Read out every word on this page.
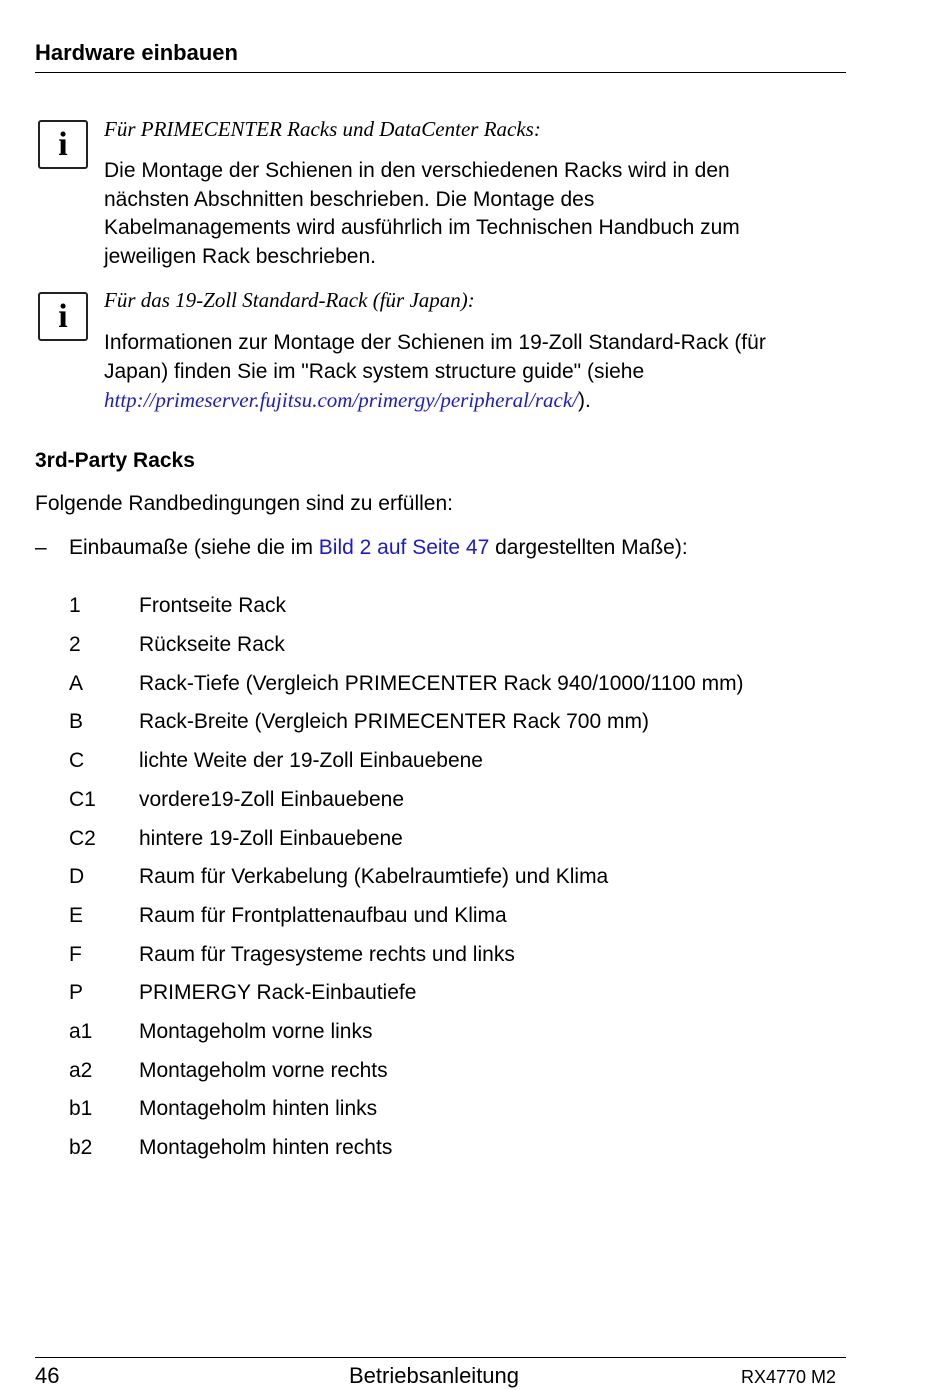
Hardware einbauen
i	Für PRIMECENTER Racks und DataCenter Racks:
Die Montage der Schienen in den verschiedenen Racks wird in den
nächsten Abschnitten beschrieben. Die Montage des
Kabelmanagements wird ausführlich im Technischen Handbuch zum
jeweiligen Rack beschrieben.
i	Für das 19-Zoll Standard-Rack (für Japan):
Informationen zur Montage der Schienen im 19-Zoll Standard-Rack (für
Japan) finden Sie im "Rack system structure guide" (siehe
http://primeserver.fujitsu.com/primergy/peripheral/rack/).
3rd-Party Racks
Folgende Randbedingungen sind zu erfüllen:
– Einbaumaße (siehe die im Bild 2 auf Seite 47 dargestellten Maße):
1	Frontseite Rack
2	Rückseite Rack
A	Rack-Tiefe (Vergleich PRIMECENTER Rack 940/1000/1100 mm)
B	Rack-Breite (Vergleich PRIMECENTER Rack 700 mm)
C	lichte Weite der 19-Zoll Einbauebene
C1 vordere19-Zoll Einbauebene
C2 hintere 19-Zoll Einbauebene
D	Raum für Verkabelung (Kabelraumtiefe) und Klima
E	Raum für Frontplattenaufbau und Klima
F	Raum für Tragesysteme rechts und links
P	PRIMERGY Rack-Einbautiefe
a1 Montageholm vorne links
a2 Montageholm vorne rechts
b1 Montageholm hinten links
b2 Montageholm hinten rechts
46	Betriebsanleitung	RX4770 M2
